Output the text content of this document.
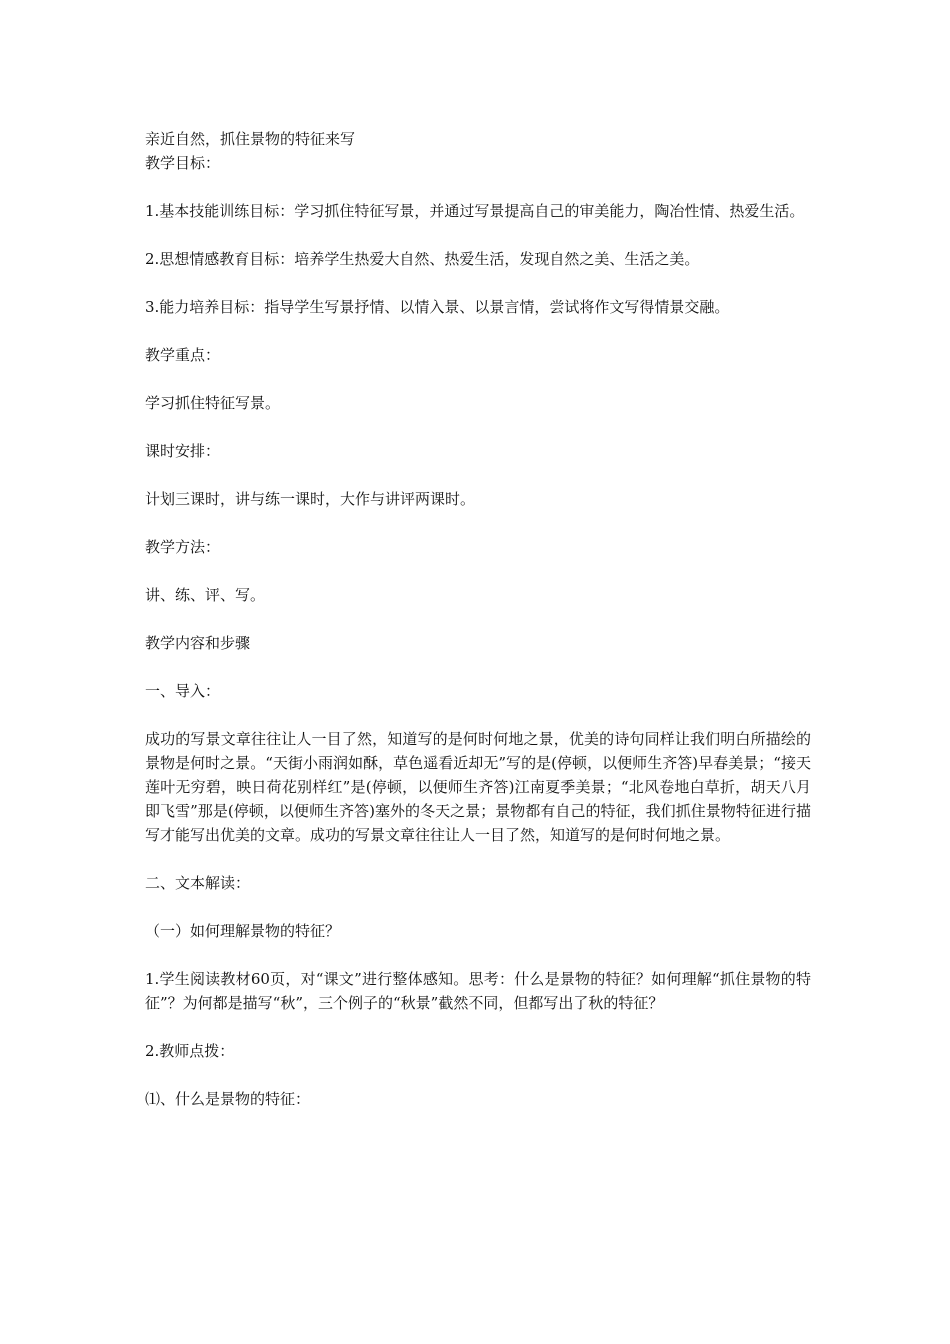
亲近自然，抓住景物的特征来写

教学目标：

1.基本技能训练目标：学习抓住特征写景，并通过写景提高自己的审美能力，陶冶性情、热爱生活。

2.思想情感教育目标：培养学生热爱大自然、热爱生活，发现自然之美、生活之美。

3.能力培养目标：指导学生写景抒情、以情入景、以景言情，尝试将作文写得情景交融。

教学重点：

学习抓住特征写景。

课时安排：

计划三课时，讲与练一课时，大作与讲评两课时。

教学方法：

讲、练、评、写。

教学内容和步骤

一、导入：

成功的写景文章往往让人一目了然，知道写的是何时何地之景，优美的诗句同样让我们明白所描绘的景物是何时之景。“天街小雨润如酥，草色遥看近却无”写的是(停顿，以便师生齐答)早春美景；“接天莲叶无穷碧，映日荷花别样红”是(停顿，以便师生齐答)江南夏季美景；“北风卷地白草折，胡天八月即飞雪”那是(停顿，以便师生齐答)塞外的冬天之景；景物都有自己的特征，我们抓住景物特征进行描写才能写出优美的文章。成功的写景文章往往让人一目了然，知道写的是何时何地之景。

二、文本解读：

（一）如何理解景物的特征？

1.学生阅读教材60页，对“课文”进行整体感知。思考：什么是景物的特征？如何理解“抓住景物的特征”？为何都是描写“秋”，三个例子的“秋景”截然不同，但都写出了秋的特征？

2.教师点拨：

⑴、什么是景物的特征：
